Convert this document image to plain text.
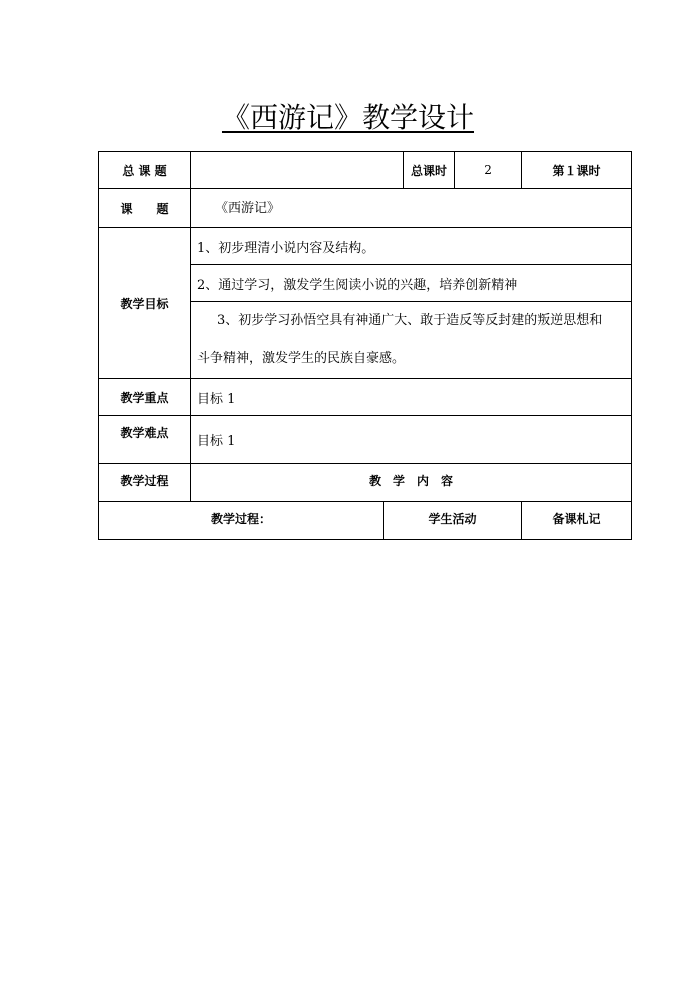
《西游记》教学设计
总 课 题			总课时	2	第１课时
课　　题	《西游记》				
教学目标	1、初步理清小说内容及结构。				
	2、通过学习，激发学生阅读小说的兴趣，培养创新精神				
	3、初步学习孙悟空具有神通广大、敢于造反等反封建的叛逆思想和斗争精神，激发学生的民族自豪感。				
教学重点	目标 1				
教学难点	目标 1				
教学过程	教　学　内　容				
教学过程：		学生活动			备课札记
